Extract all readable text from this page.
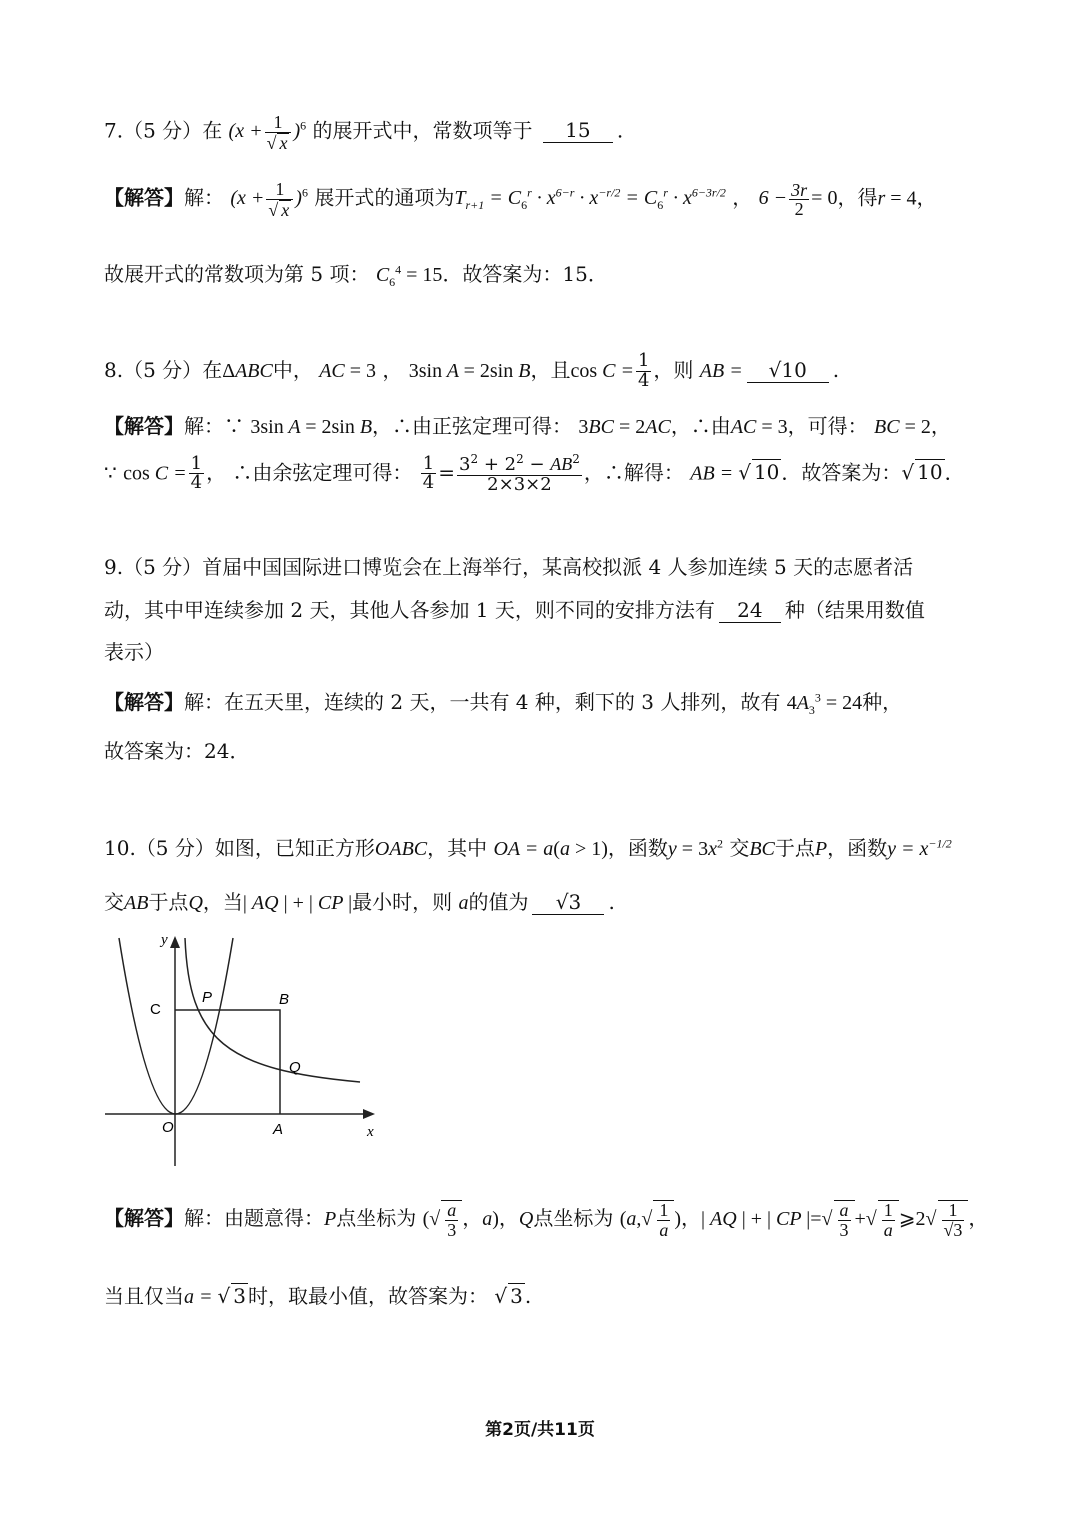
7.（5 分）在 $(x + \frac{1}{√ x} )^6$ 的展开式中，常数项等于 15 .
【解答】解： $(x + \frac{1}{√ x} )^6$ 展开式的通项为$T_{r+1} = C_6^r \cdot x^{6-r} \cdot x^{-r/2} = C_6^r \cdot x^{6-3r/2}$ ， $6 - \frac{3r}{2} = 0$，得r = 4，
故展开式的常数项为第 5 项： $C_6^4 = 15$．故答案为：15．
8.（5 分）在ΔABC中， AC = 3 ， 3sin A = 2sin B，且$\cos C = \frac{1}{4}$ ，则 AB = √10 .
【解答】解：∵ 3sin A = 2sin B，∴由正弦定理可得： 3BC = 2AC，∴由AC = 3，可得： BC = 2，
∵ $\cos C = \frac{1}{4}$ ， ∴由余弦定理可得： $\frac{1}{4} = \frac{3^2 + 2^2 - AB^2}{2\times 3\times 2}$ ，∴解得： AB = √ 10 ．故答案为：√ 10 ．
9.（5 分）首届中国国际进口博览会在上海举行，某高校拟派 4 人参加连续 5 天的志愿者活
动，其中甲连续参加 2 天，其他人各参加 1 天，则不同的安排方法有 24 种（结果用数值
表示）
【解答】解：在五天里，连续的 2 天，一共有 4 种，剩下的 3 人排列，故有 $4A_3^3 = 24$种，
故答案为：24．
10.（5 分）如图，已知正方形OABC，其中 OA = a(a > 1)，函数$y = 3x^2$ 交BC于点P，函数$y = x^{-1/2}$
交AB于点Q，当| AQ | + | CP |最小时，则 a的值为 √3 .
y
x
C
P	B
Q
O	A
【解答】解：由题意得：P点坐标为 (√ $\frac{a}{3}$ ，a)，Q点坐标为 ($a,√ \frac{1}{a}$ )，| AQ | + | CP |=√ $\frac{a}{3}$ +√ $\frac{1}{a}$ ⩾2√ $\frac{1}{√3}$ ，
当且仅当a = √ 3 时，取最小值，故答案为： √ 3 .
第2页/共11页
